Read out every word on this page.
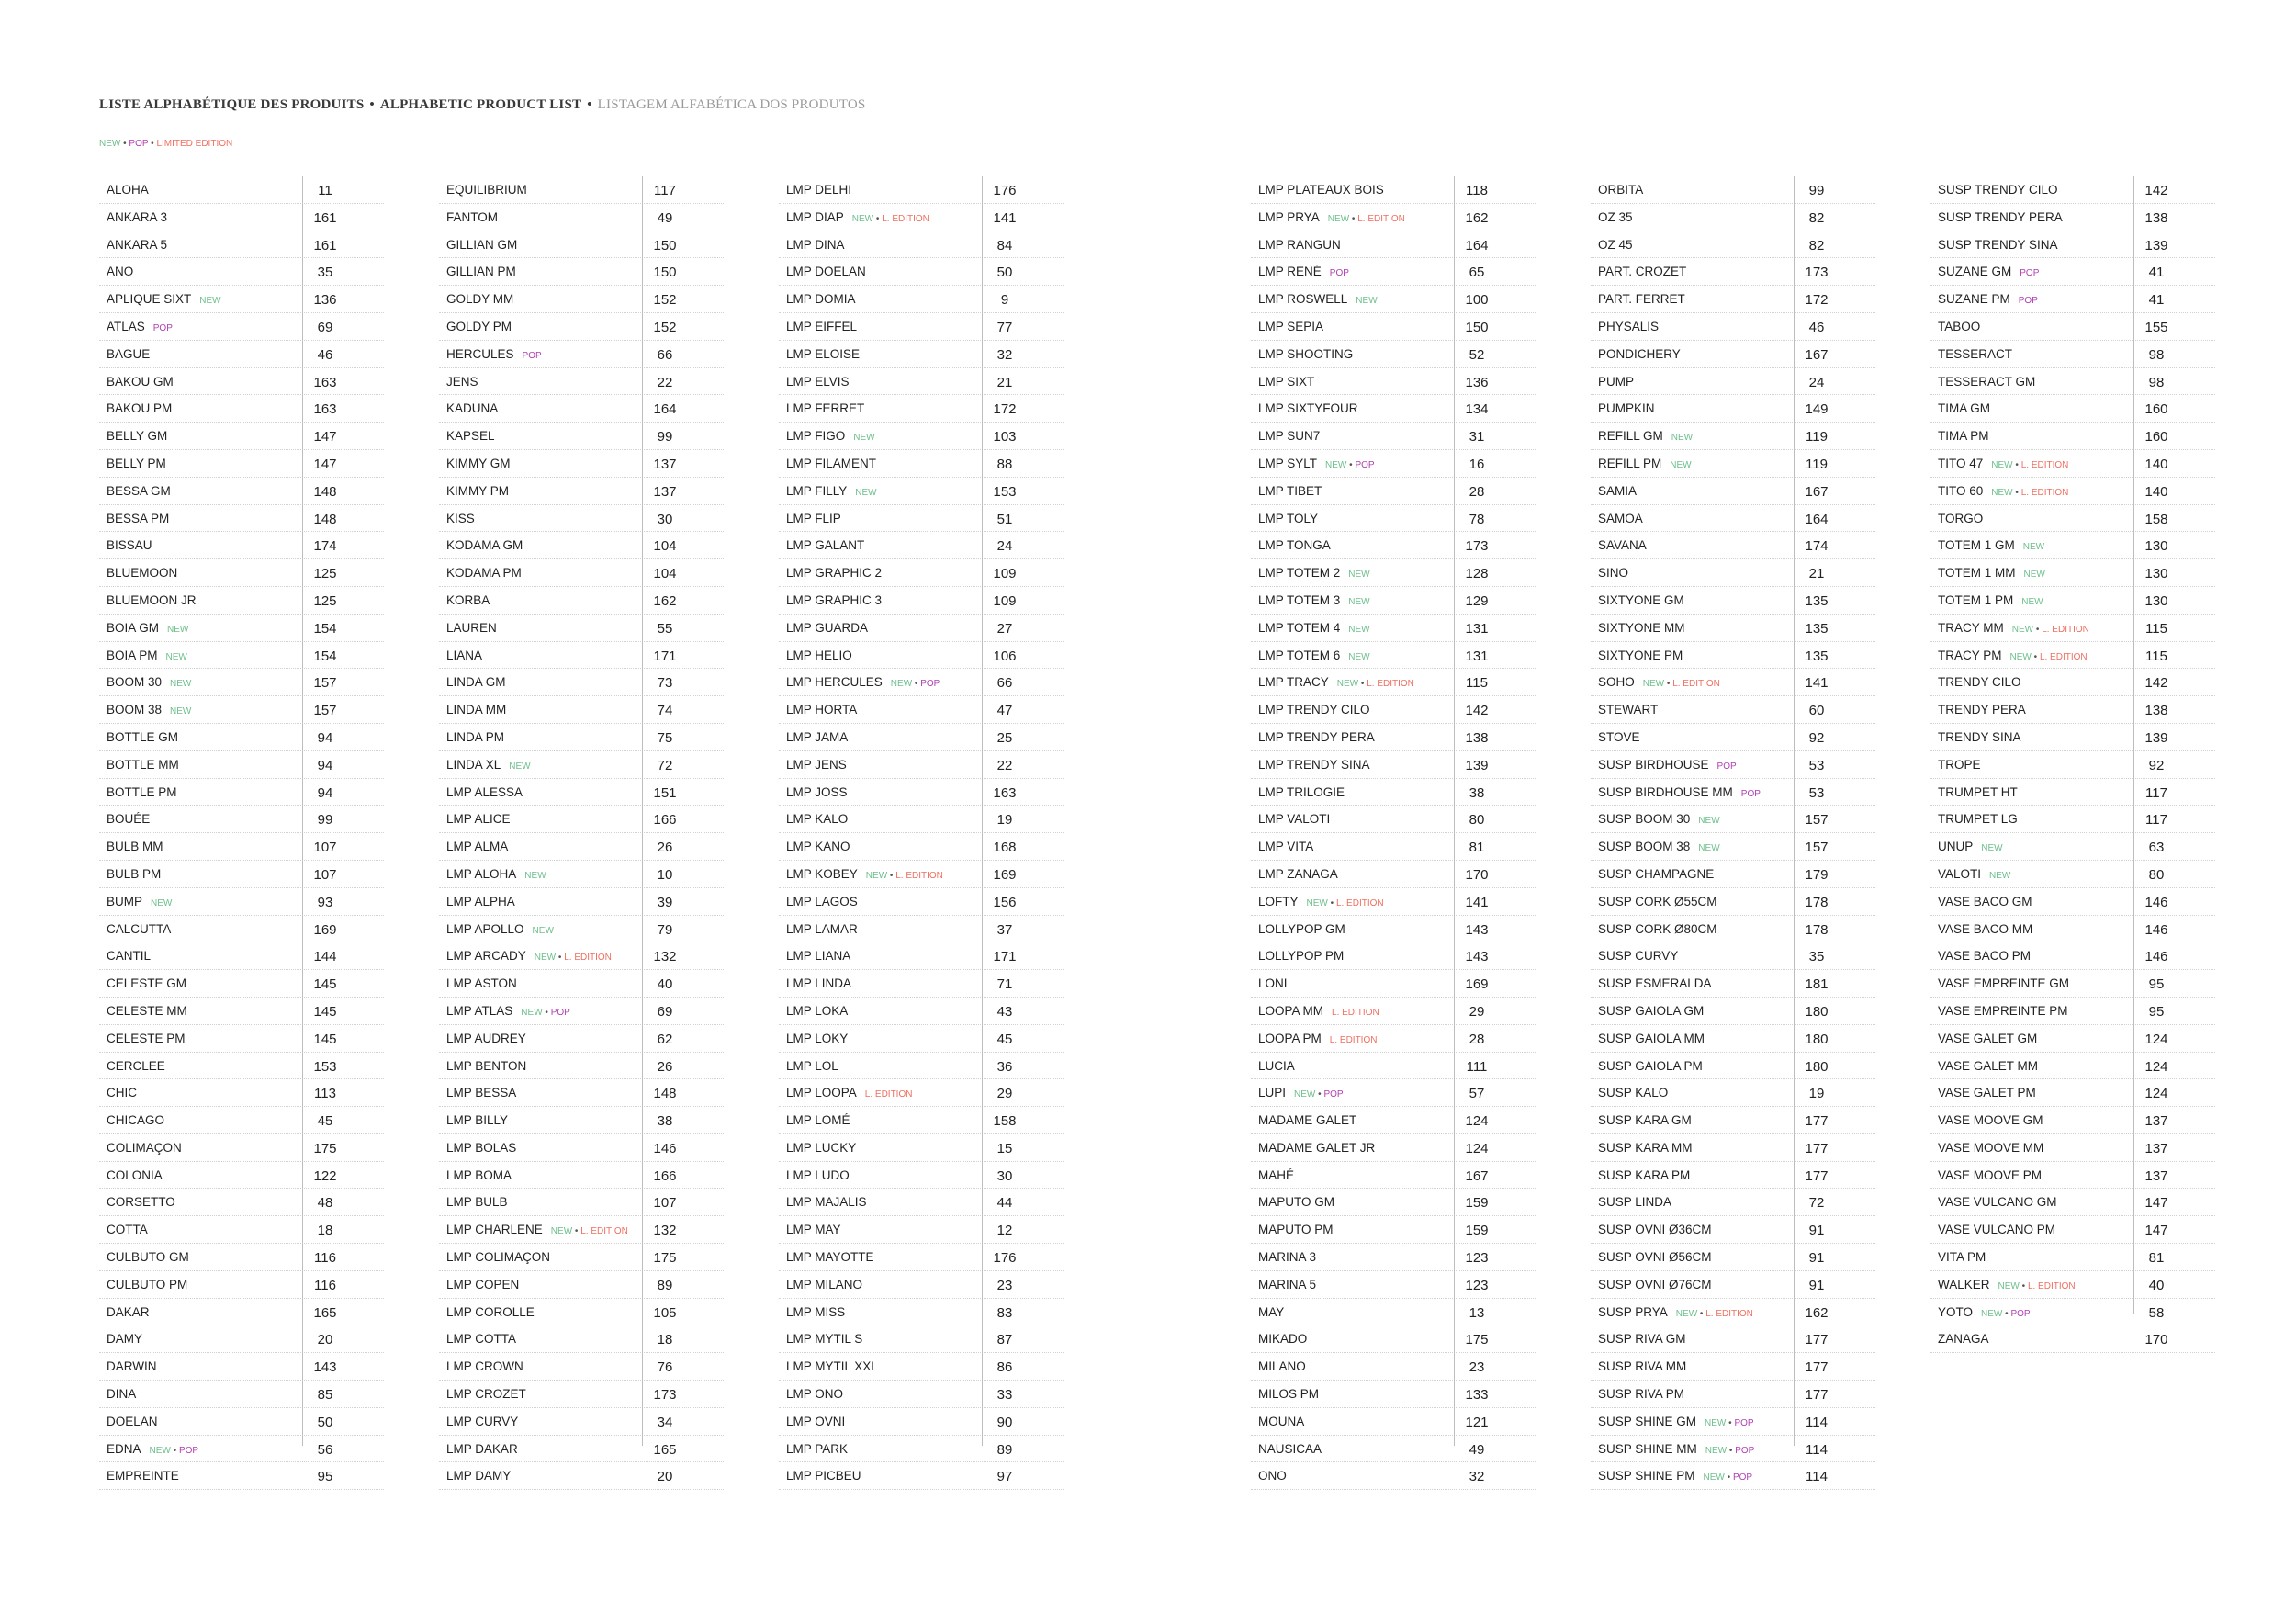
LISTE ALPHABÉTIQUE DES PRODUITS • ALPHABETIC PRODUCT LIST • LISTAGEM ALFABÉTICA DOS PRODUTOS
NEW • POP • LIMITED EDITION
ALOHA	11
ANKARA 3	161
ANKARA 5	161
ANO	35
APLIQUE SIXT NEW	136
ATLAS POP	69
BAGUE	46
BAKOU GM	163
BAKOU PM	163
BELLY GM	147
BELLY PM	147
BESSA GM	148
BESSA PM	148
BISSAU	174
BLUEMOON	125
BLUEMOON JR	125
BOIA GM NEW	154
BOIA PM NEW	154
BOOM 30 NEW	157
BOOM 38 NEW	157
BOTTLE GM	94
BOTTLE MM	94
BOTTLE PM	94
BOUÉE	99
BULB MM	107
BULB PM	107
BUMP NEW	93
CALCUTTA	169
CANTIL	144
CELESTE GM	145
CELESTE MM	145
CELESTE PM	145
CERCLEE	153
CHIC	113
CHICAGO	45
COLIMAÇON	175
COLONIA	122
CORSETTO	48
COTTA	18
CULBUTO GM	116
CULBUTO PM	116
DAKAR	165
DAMY	20
DARWIN	143
DINA	85
DOELAN	50
EDNA NEW • POP	56
EMPREINTE	95
EQUILIBRIUM	117
FANTOM	49
GILLIAN GM	150
GILLIAN PM	150
GOLDY MM	152
GOLDY PM	152
HERCULES POP	66
JENS	22
KADUNA	164
KAPSEL	99
KIMMY GM	137
KIMMY PM	137
KISS	30
KODAMA GM	104
KODAMA PM	104
KORBA	162
LAUREN	55
LIANA	171
LINDA GM	73
LINDA MM	74
LINDA PM	75
LINDA XL NEW	72
LMP ALESSA	151
LMP ALICE	166
LMP ALMA	26
LMP ALOHA NEW	10
LMP ALPHA	39
LMP APOLLO NEW	79
LMP ARCADY NEW • L. EDITION	132
LMP ASTON	40
LMP ATLAS NEW • POP	69
LMP AUDREY	62
LMP BENTON	26
LMP BESSA	148
LMP BILLY	38
LMP BOLAS	146
LMP BOMA	166
LMP BULB	107
LMP CHARLENE NEW • L. EDITION	132
LMP COLIMAÇON	175
LMP COPEN	89
LMP COROLLE	105
LMP COTTA	18
LMP CROWN	76
LMP CROZET	173
LMP CURVY	34
LMP DAKAR	165
LMP DAMY	20
LMP DELHI	176
LMP DIAP NEW • L. EDITION	141
LMP DINA	84
LMP DOELAN	50
LMP DOMIA	9
LMP EIFFEL	77
LMP ELOISE	32
LMP ELVIS	21
LMP FERRET	172
LMP FIGO NEW	103
LMP FILAMENT	88
LMP FILLY NEW	153
LMP FLIP	51
LMP GALANT	24
LMP GRAPHIC 2	109
LMP GRAPHIC 3	109
LMP GUARDA	27
LMP HELIO	106
LMP HERCULES NEW • POP	66
LMP HORTA	47
LMP JAMA	25
LMP JENS	22
LMP JOSS	163
LMP KALO	19
LMP KANO	168
LMP KOBEY NEW • L. EDITION	169
LMP LAGOS	156
LMP LAMAR	37
LMP LIANA	171
LMP LINDA	71
LMP LOKA	43
LMP LOKY	45
LMP LOL	36
LMP LOOPA L. EDITION	29
LMP LOMÉ	158
LMP LUCKY	15
LMP LUDO	30
LMP MAJALIS	44
LMP MAY	12
LMP MAYOTTE	176
LMP MILANO	23
LMP MISS	83
LMP MYTIL S	87
LMP MYTIL XXL	86
LMP ONO	33
LMP OVNI	90
LMP PARK	89
LMP PICBEU	97
LMP PLATEAUX BOIS	118
LMP PRYA NEW • L. EDITION	162
LMP RANGUN	164
LMP RENÉ POP	65
LMP ROSWELL NEW	100
LMP SEPIA	150
LMP SHOOTING	52
LMP SIXT	136
LMP SIXTYFOUR	134
LMP SUN7	31
LMP SYLT NEW • POP	16
LMP TIBET	28
LMP TOLY	78
LMP TONGA	173
LMP TOTEM 2 NEW	128
LMP TOTEM 3 NEW	129
LMP TOTEM 4 NEW	131
LMP TOTEM 6 NEW	131
LMP TRACY NEW • L. EDITION	115
LMP TRENDY CILO	142
LMP TRENDY PERA	138
LMP TRENDY SINA	139
LMP TRILOGIE	38
LMP VALOTI	80
LMP VITA	81
LMP ZANAGA	170
LOFTY NEW • L. EDITION	141
LOLLYPOP GM	143
LOLLYPOP PM	143
LONI	169
LOOPA MM L. EDITION	29
LOOPA PM L. EDITION	28
LUCIA	111
LUPI NEW • POP	57
MADAME GALET	124
MADAME GALET JR	124
MAHÉ	167
MAPUTO GM	159
MAPUTO PM	159
MARINA 3	123
MARINA 5	123
MAY	13
MIKADO	175
MILANO	23
MILOS PM	133
MOUNA	121
NAUSICAA	49
ONO	32
ORBITA	99
OZ 35	82
OZ 45	82
PART. CROZET	173
PART. FERRET	172
PHYSALIS	46
PONDICHERY	167
PUMP	24
PUMPKIN	149
REFILL GM NEW	119
REFILL PM NEW	119
SAMIA	167
SAMOA	164
SAVANA	174
SINO	21
SIXTYONE GM	135
SIXTYONE MM	135
SIXTYONE PM	135
SOHO NEW • L. EDITION	141
STEWART	60
STOVE	92
SUSP BIRDHOUSE POP	53
SUSP BIRDHOUSE MM POP	53
SUSP BOOM 30 NEW	157
SUSP BOOM 38 NEW	157
SUSP CHAMPAGNE	179
SUSP CORK Ø55CM	178
SUSP CORK Ø80CM	178
SUSP CURVY	35
SUSP ESMERALDA	181
SUSP GAIOLA GM	180
SUSP GAIOLA MM	180
SUSP GAIOLA PM	180
SUSP KALO	19
SUSP KARA GM	177
SUSP KARA MM	177
SUSP KARA PM	177
SUSP LINDA	72
SUSP OVNI Ø36CM	91
SUSP OVNI Ø56CM	91
SUSP OVNI Ø76CM	91
SUSP PRYA NEW • L. EDITION	162
SUSP RIVA GM	177
SUSP RIVA MM	177
SUSP RIVA PM	177
SUSP SHINE GM NEW • POP	114
SUSP SHINE MM NEW • POP	114
SUSP SHINE PM NEW • POP	114
SUSP TRENDY CILO	142
SUSP TRENDY PERA	138
SUSP TRENDY SINA	139
SUZANE GM POP	41
SUZANE PM POP	41
TABOO	155
TESSERACT	98
TESSERACT GM	98
TIMA GM	160
TIMA PM	160
TITO 47 NEW • L. EDITION	140
TITO 60 NEW • L. EDITION	140
TORGO	158
TOTEM 1 GM NEW	130
TOTEM 1 MM NEW	130
TOTEM 1 PM NEW	130
TRACY MM NEW • L. EDITION	115
TRACY PM NEW • L. EDITION	115
TRENDY CILO	142
TRENDY PERA	138
TRENDY SINA	139
TROPE	92
TRUMPET HT	117
TRUMPET LG	117
UNUP NEW	63
VALOTI NEW	80
VASE BACO GM	146
VASE BACO MM	146
VASE BACO PM	146
VASE EMPREINTE GM	95
VASE EMPREINTE PM	95
VASE GALET GM	124
VASE GALET MM	124
VASE GALET PM	124
VASE MOOVE GM	137
VASE MOOVE MM	137
VASE MOOVE PM	137
VASE VULCANO GM	147
VASE VULCANO PM	147
VITA PM	81
WALKER NEW • L. EDITION	40
YOTO NEW • POP	58
ZANAGA	170
